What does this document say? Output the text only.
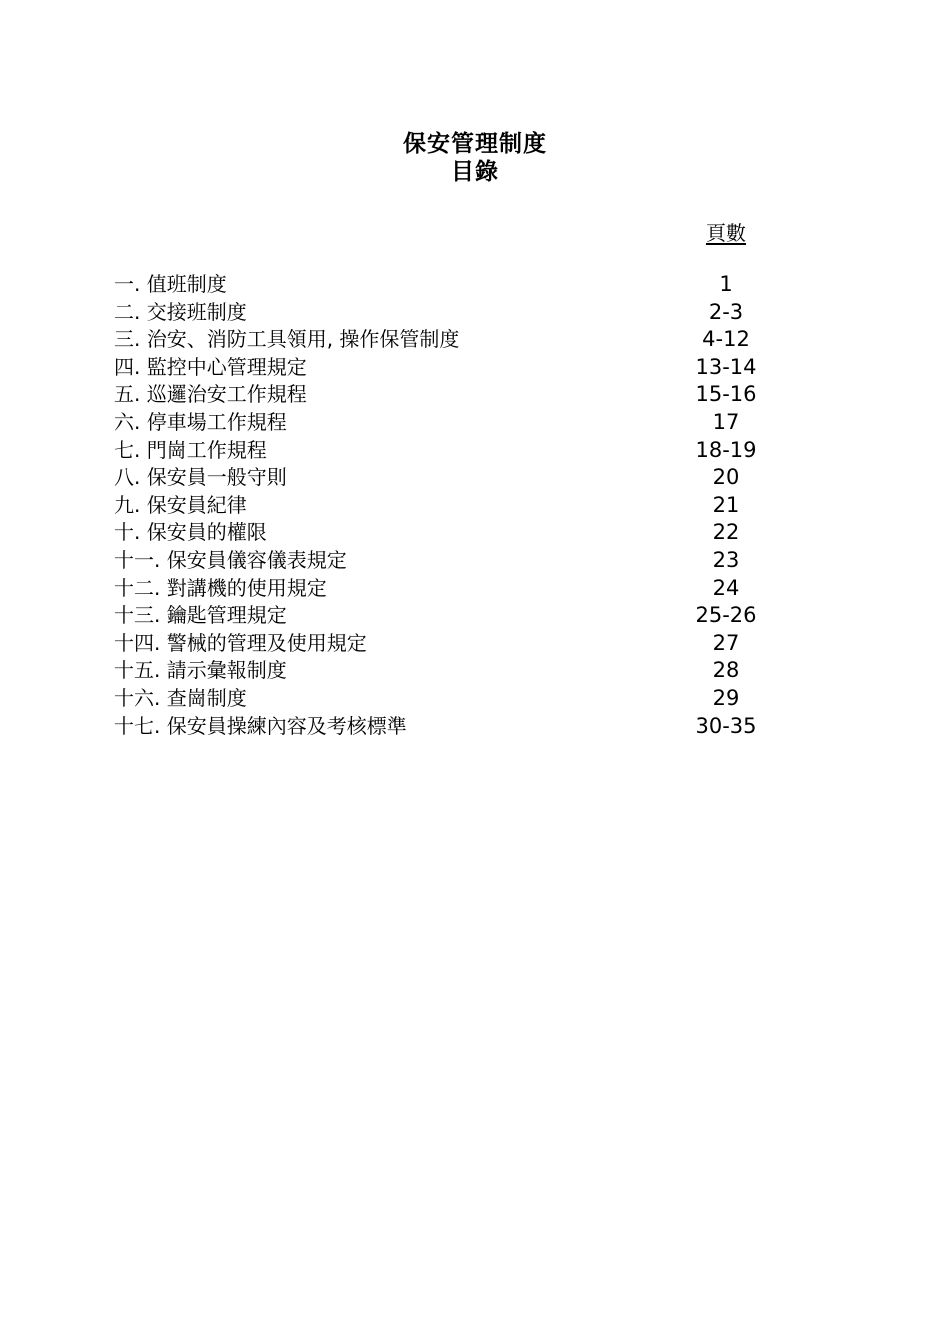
保安管理制度
目錄
頁數
一. 值班制度	1
二. 交接班制度	2-3
三. 治安、消防工具領用, 操作保管制度	4-12
四. 監控中心管理規定	13-14
五. 巡邏治安工作規程	15-16
六. 停車場工作規程	17
七. 門崗工作規程	18-19
八. 保安員一般守則	20
九. 保安員紀律	21
十. 保安員的權限	22
十一. 保安員儀容儀表規定	23
十二. 對講機的使用規定	24
十三. 鑰匙管理規定	25-26
十四. 警械的管理及使用規定	27
十五. 請示彙報制度	28
十六. 查崗制度	29
十七. 保安員操練內容及考核標準	30-35
